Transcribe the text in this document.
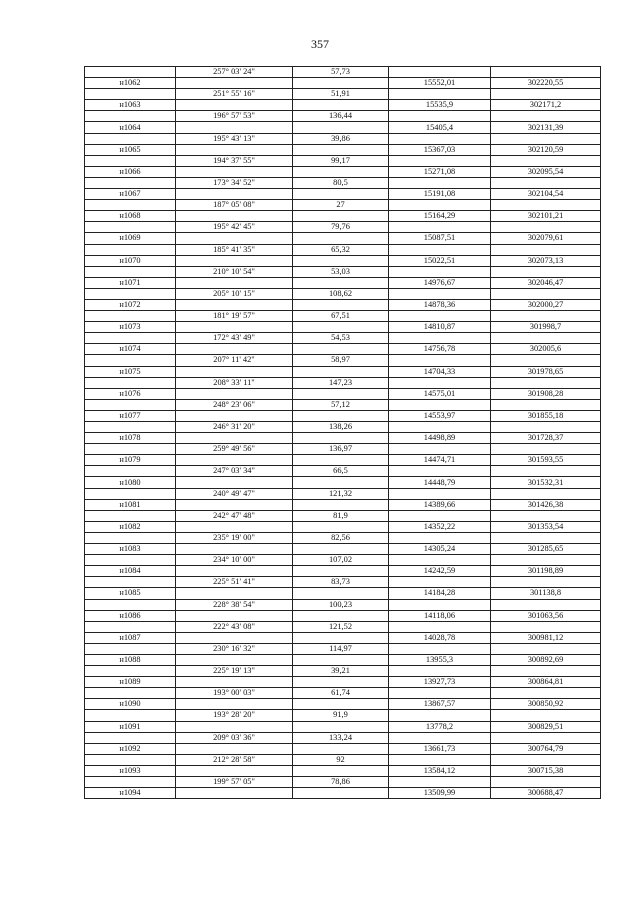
357
	257° 03' 24"	57,73		
н1062			15552,01	302220,55
	251° 55' 16"	51,91		
н1063			15535,9	302171,2
	196° 57' 53"	136,44		
н1064			15405,4	302131,39
	195° 43' 13"	39,86		
н1065			15367,03	302120,59
	194° 37' 55"	99,17		
н1066			15271,08	302095,54
	173° 34' 52"	80,5		
н1067			15191,08	302104,54
	187° 05' 08"	27		
н1068			15164,29	302101,21
	195° 42' 45"	79,76		
н1069			15087,51	302079,61
	185° 41' 35"	65,32		
н1070			15022,51	302073,13
	210° 10' 54"	53,03		
н1071			14976,67	302046,47
	205° 10' 15"	108,62		
н1072			14878,36	302000,27
	181° 19' 57"	67,51		
н1073			14810,87	301998,7
	172° 43' 49"	54,53		
н1074			14756,78	302005,6
	207° 11' 42"	58,97		
н1075			14704,33	301978,65
	208° 33' 11"	147,23		
н1076			14575,01	301908,28
	248° 23' 06"	57,12		
н1077			14553,97	301855,18
	246° 31' 20"	138,26		
н1078			14498,89	301728,37
	259° 49' 56"	136,97		
н1079			14474,71	301593,55
	247° 03' 34"	66,5		
н1080			14448,79	301532,31
	240° 49' 47"	121,32		
н1081			14389,66	301426,38
	242° 47' 48"	81,9		
н1082			14352,22	301353,54
	235° 19' 00"	82,56		
н1083			14305,24	301285,65
	234° 10' 00"	107,02		
н1084			14242,59	301198,89
	225° 51' 41"	83,73		
н1085			14184,28	301138,8
	228° 38' 54"	100,23		
н1086			14118,06	301063,56
	222° 43' 08"	121,52		
н1087			14028,78	300981,12
	230° 16' 32"	114,97		
н1088			13955,3	300892,69
	225° 19' 13"	39,21		
н1089			13927,73	300864,81
	193° 00' 03"	61,74		
н1090			13867,57	300850,92
	193° 28' 20"	91,9		
н1091			13778,2	300829,51
	209° 03' 36"	133,24		
н1092			13661,73	300764,79
	212° 28' 58"	92		
н1093			13584,12	300715,38
	199° 57' 05"	78,86		
н1094			13509,99	300688,47
